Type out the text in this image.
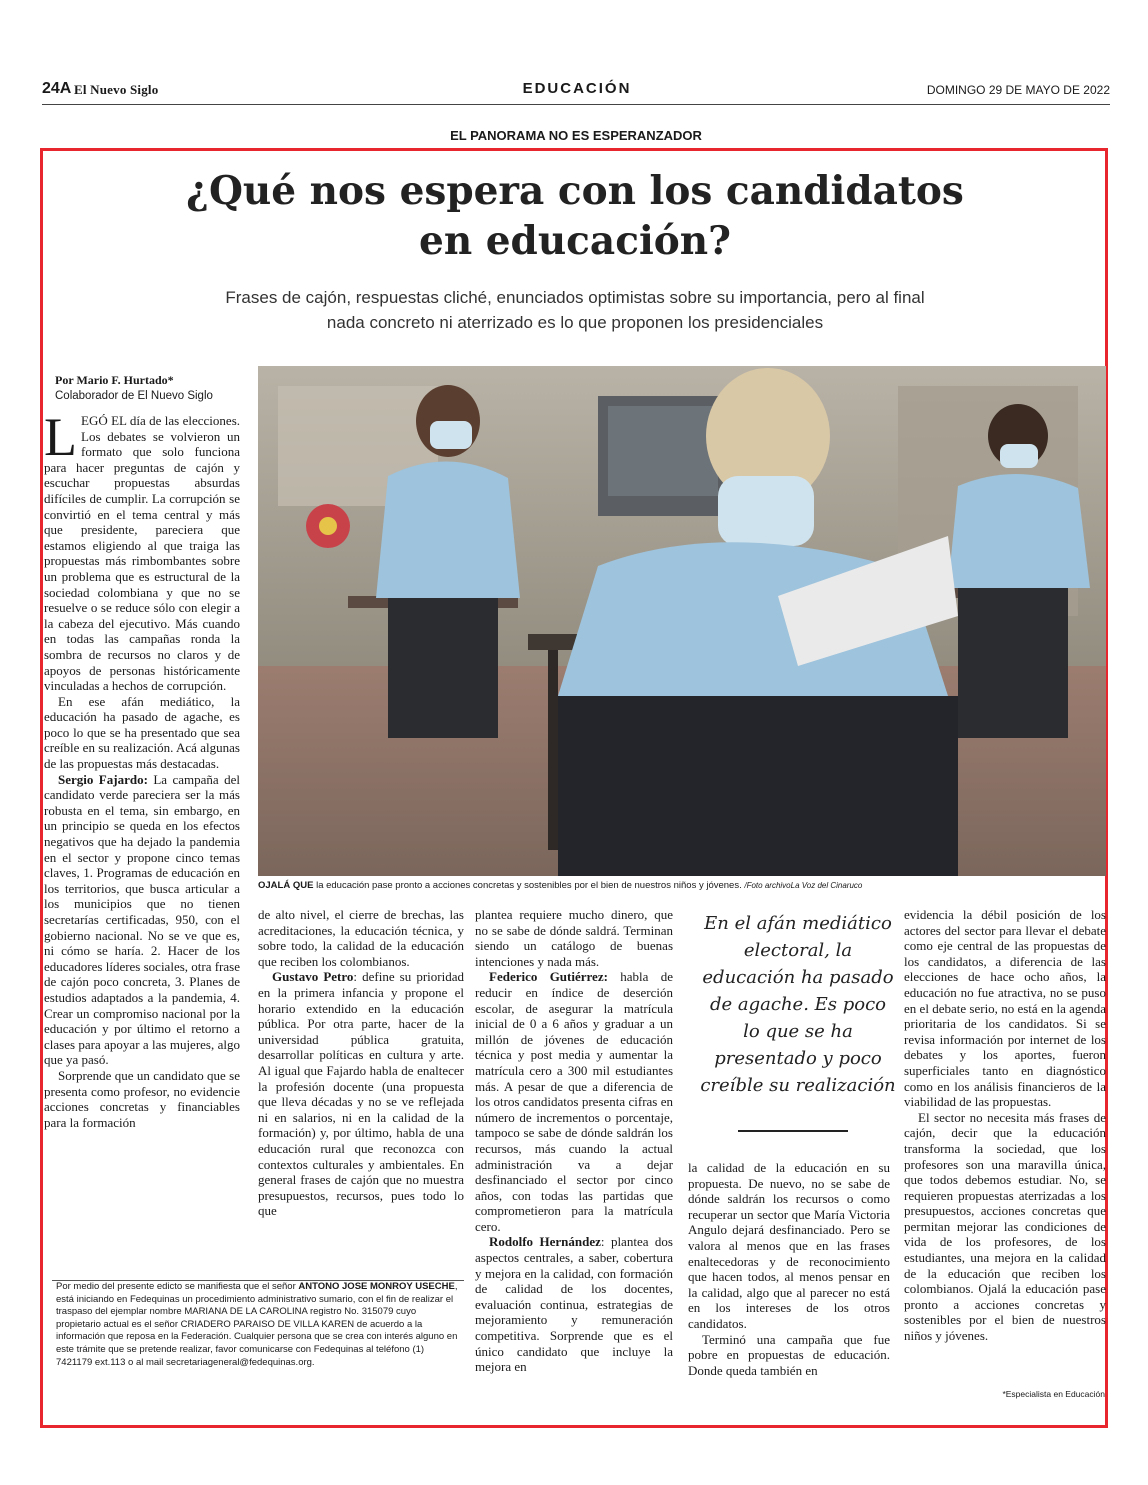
24A El Nuevo Siglo	EDUCACIÓN	DOMINGO 29 DE MAYO DE 2022
EL PANORAMA NO ES ESPERANZADOR
¿Qué nos espera con los candidatos
en educación?
Frases de cajón, respuestas cliché, enunciados optimistas sobre su importancia, pero al final
nada concreto ni aterrizado es lo que proponen los presidenciales
Por Mario F. Hurtado*
Colaborador de El Nuevo Siglo

LEGÓ EL día de las elecciones. Los debates se volvieron un formato que solo funciona para hacer preguntas de cajón y escuchar propuestas absurdas difíciles de cumplir. La corrupción se convirtió en el tema central y más que presidente, pareciera que estamos eligiendo al que traiga las propuestas más rimbombantes sobre un problema que es estructural de la sociedad colombiana y que no se resuelve o se reduce sólo con elegir a la cabeza del ejecutivo. Más cuando en todas las campañas ronda la sombra de recursos no claros y de apoyos de personas históricamente vinculadas a hechos de corrupción.

En ese afán mediático, la educación ha pasado de agache, es poco lo que se ha presentado que sea creíble en su realización. Acá algunas de las propuestas más destacadas.

Sergio Fajardo: La campaña del candidato verde pareciera ser la más robusta en el tema, sin embargo, en un principio se queda en los efectos negativos que ha dejado la pandemia en el sector y propone cinco temas claves, 1. Programas de educación en los territorios, que busca articular a los municipios que no tienen secretarías certificadas, 950, con el gobierno nacional. No se ve que es, ni cómo se haría. 2. Hacer de los educadores líderes sociales, otra frase de cajón poco concreta, 3. Planes de estudios adaptados a la pandemia, 4. Crear un compromiso nacional por la educación y por último el retorno a clases para apoyar a las mujeres, algo que ya pasó.

Sorprende que un candidato que se presenta como profesor, no evidencie acciones concretas y financiables para la formación

OJALÁ QUE la educación pase pronto a acciones concretas y sostenibles por el bien de nuestros niños y jóvenes. /Foto archivoLa Voz del Cinaruco

de alto nivel, el cierre de brechas, las acreditaciones, la educación técnica, y sobre todo, la calidad de la educación que reciben los colombianos.

Gustavo Petro: define su prioridad en la primera infancia y propone el horario extendido en la educación pública. Por otra parte, hacer de la universidad pública gratuita, desarrollar políticas en cultura y arte. Al igual que Fajardo habla de enaltecer la profesión docente (una propuesta que lleva décadas y no se ve reflejada ni en salarios, ni en la calidad de la formación) y, por último, habla de una educación rural que reconozca con contextos culturales y ambientales. En general frases de cajón que no muestra presupuestos, recursos, pues todo lo que

plantea requiere mucho dinero, que no se sabe de dónde saldrá. Terminan siendo un catálogo de buenas intenciones y nada más.

Federico Gutiérrez: habla de reducir en índice de deserción escolar, de asegurar la matrícula inicial de 0 a 6 años y graduar a un millón de jóvenes de educación técnica y post media y aumentar la matrícula cero a 300 mil estudiantes más. A pesar de que a diferencia de los otros candidatos presenta cifras en número de incrementos o porcentaje, tampoco se sabe de dónde saldrán los recursos, más cuando la actual administración va a dejar desfinanciado el sector por cinco años, con todas las partidas que comprometieron para la matrícula cero.

Rodolfo Hernández: plantea dos aspectos centrales, a saber, cobertura y mejora en la calidad, con formación de calidad de los docentes, evaluación continua, estrategias de mejoramiento y remuneración competitiva. Sorprende que es el único candidato que incluye la mejora en

En el afán mediático electoral, la educación ha pasado de agache. Es poco lo que se ha presentado y poco creíble su realización

la calidad de la educación en su propuesta. De nuevo, no se sabe de dónde saldrán los recursos o como recuperar un sector que María Victoria Angulo dejará desfinanciado. Pero se valora al menos que en las frases enaltecedoras y de reconocimiento que hacen todos, al menos pensar en la calidad, algo que al parecer no está en los intereses de los otros candidatos.

Terminó una campaña que fue pobre en propuestas de educación. Donde queda también en

evidencia la débil posición de los actores del sector para llevar el debate como eje central de las propuestas de los candidatos, a diferencia de las elecciones de hace ocho años, la educación no fue atractiva, no se puso en el debate serio, no está en la agenda prioritaria de los candidatos. Si se revisa información por internet de los debates y los aportes, fueron superficiales tanto en diagnóstico como en los análisis financieros de la viabilidad de las propuestas.

El sector no necesita más frases de cajón, decir que la educación transforma la sociedad, que los profesores son una maravilla única, que todos debemos estudiar. No, se requieren propuestas aterrizadas a los presupuestos, acciones concretas que permitan mejorar las condiciones de vida de los profesores, de los estudiantes, una mejora en la calidad de la educación que reciben los colombianos. Ojalá la educación pase pronto a acciones concretas y sostenibles por el bien de nuestros niños y jóvenes.

*Especialista en Educación
Por medio del presente edicto se manifiesta que el señor ANTONO JOSE MONROY USECHE, está iniciando en Fedequinas un procedimiento administrativo sumario, con el fin de realizar el traspaso del ejemplar nombre MARIANA DE LA CAROLINA registro No. 315079 cuyo propietario actual es el señor CRIADERO PARAISO DE VILLA KAREN de acuerdo a la información que reposa en la Federación. Cualquier persona que se crea con interés alguno en este trámite que se pretende realizar, favor comunicarse con Fedequinas al teléfono (1) 7421179 ext.113 o al mail secretariageneral@fedequinas.org.
